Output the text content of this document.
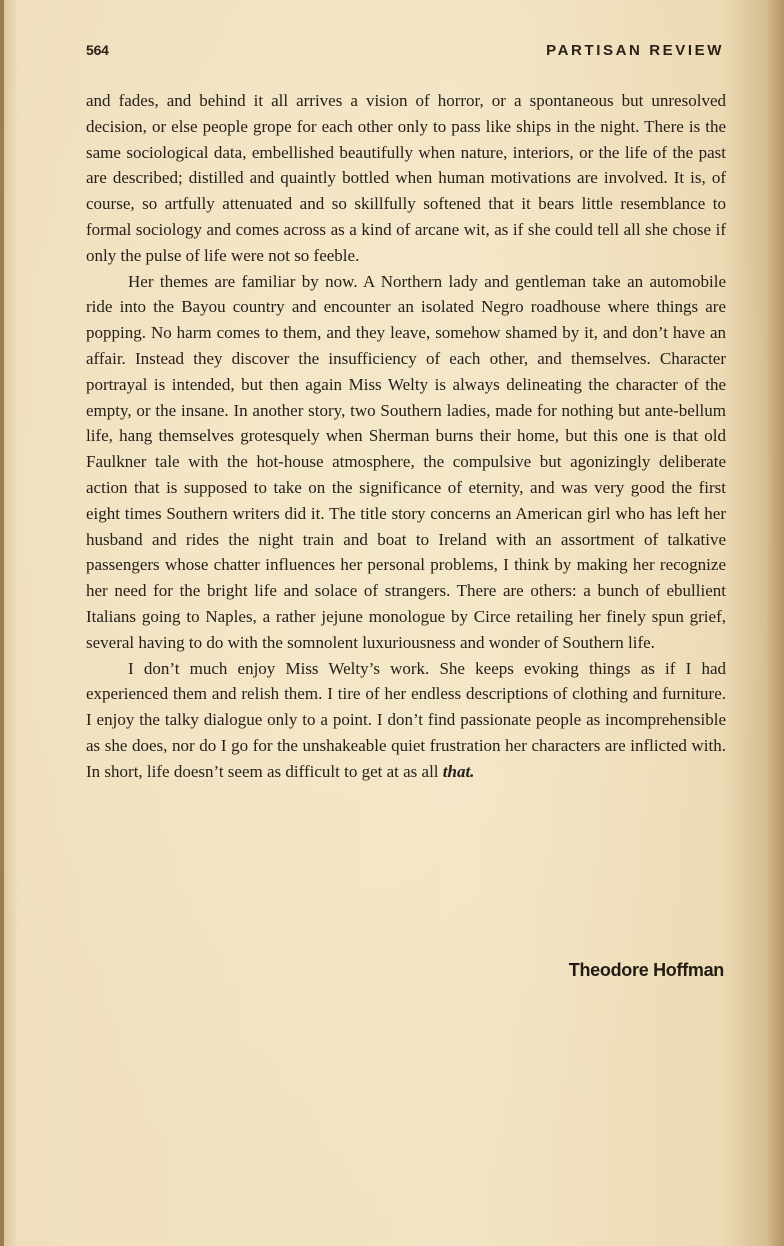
564	PARTISAN REVIEW

and fades, and behind it all arrives a vision of horror, or a spontaneous but unresolved decision, or else people grope for each other only to pass like ships in the night. There is the same sociological data, embellished beautifully when nature, interiors, or the life of the past are described; distilled and quaintly bottled when human motivations are involved. It is, of course, so artfully attenuated and so skillfully softened that it bears little resemblance to formal sociology and comes across as a kind of arcane wit, as if she could tell all she chose if only the pulse of life were not so feeble.

Her themes are familiar by now. A Northern lady and gentleman take an automobile ride into the Bayou country and encounter an isolated Negro roadhouse where things are popping. No harm comes to them, and they leave, somehow shamed by it, and don’t have an affair. Instead they discover the insufficiency of each other, and themselves. Character portrayal is intended, but then again Miss Welty is always delineating the character of the empty, or the insane. In another story, two Southern ladies, made for nothing but ante-bellum life, hang themselves grotesquely when Sherman burns their home, but this one is that old Faulkner tale with the hot-house atmosphere, the compulsive but agonizingly deliberate action that is supposed to take on the significance of eternity, and was very good the first eight times Southern writers did it. The title story concerns an American girl who has left her husband and rides the night train and boat to Ireland with an assortment of talkative passengers whose chatter influences her personal problems, I think by making her recognize her need for the bright life and solace of strangers. There are others: a bunch of ebullient Italians going to Naples, a rather jejune monologue by Circe retailing her finely spun grief, several having to do with the somnolent luxuriousness and wonder of Southern life.

I don’t much enjoy Miss Welty’s work. She keeps evoking things as if I had experienced them and relish them. I tire of her endless descriptions of clothing and furniture. I enjoy the talky dialogue only to a point. I don’t find passionate people as incomprehensible as she does, nor do I go for the unshakeable quiet frustration her characters are inflicted with. In short, life doesn’t seem as difficult to get at as all that.

Theodore Hoffman
